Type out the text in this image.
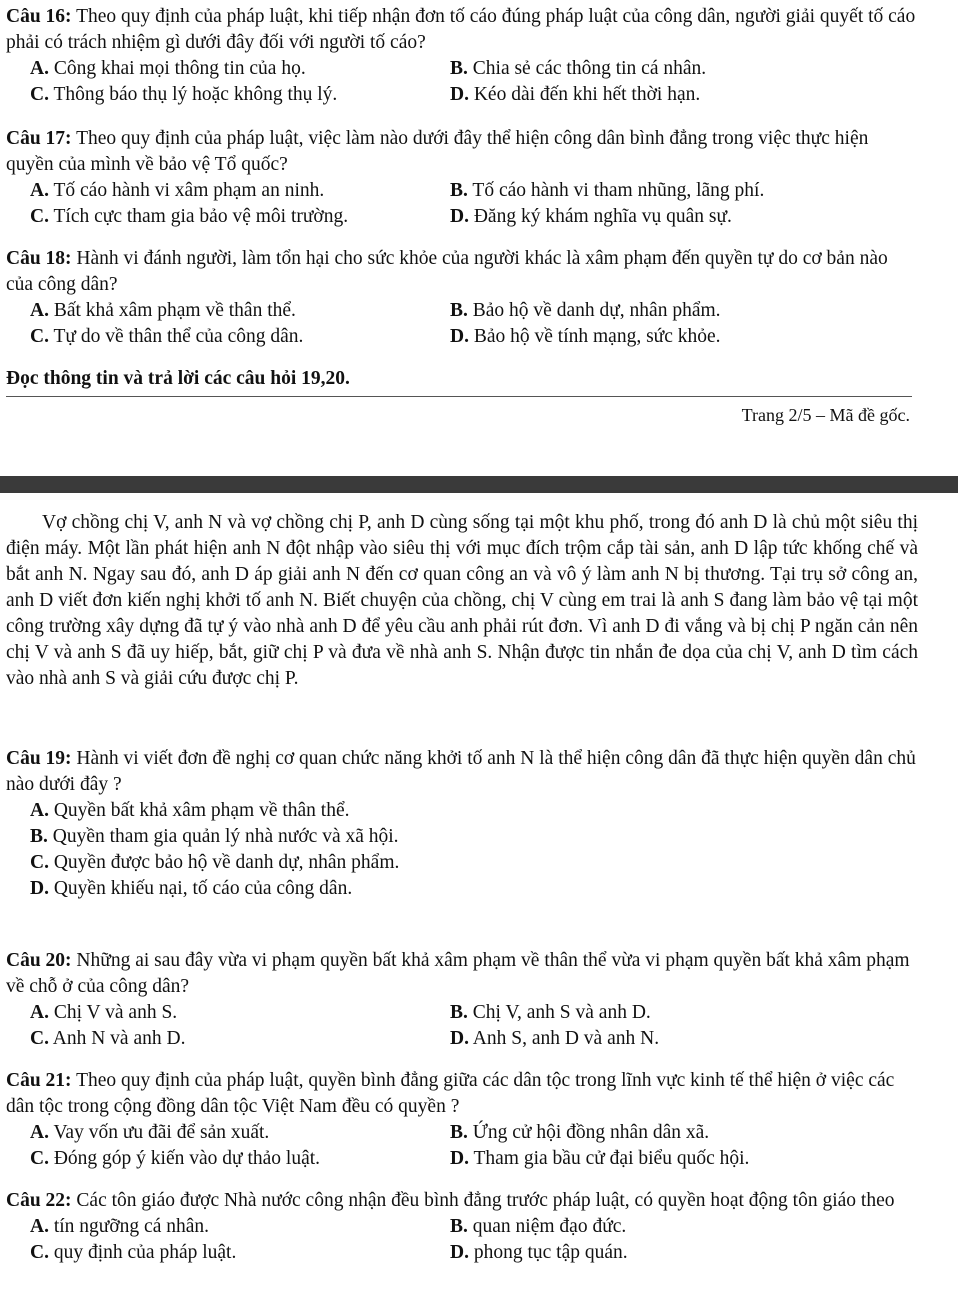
Câu 16: Theo quy định của pháp luật, khi tiếp nhận đơn tố cáo đúng pháp luật của công dân, người giải quyết tố cáo phải có trách nhiệm gì dưới đây đối với người tố cáo?

A. Công khai mọi thông tin của họ.	B. Chia sẻ các thông tin cá nhân.
C. Thông báo thụ lý hoặc không thụ lý.	D. Kéo dài đến khi hết thời hạn.

Câu 17: Theo quy định của pháp luật, việc làm nào dưới đây thể hiện công dân bình đẳng trong việc thực hiện quyền của mình về bảo vệ Tổ quốc?

A. Tố cáo hành vi xâm phạm an ninh.	B. Tố cáo hành vi tham nhũng, lãng phí.
C. Tích cực tham gia bảo vệ môi trường.	D. Đăng ký khám nghĩa vụ quân sự.

Câu 18: Hành vi đánh người, làm tổn hại cho sức khỏe của người khác là xâm phạm đến quyền tự do cơ bản nào của công dân?

A. Bất khả xâm phạm về thân thể.	B. Bảo hộ về danh dự, nhân phẩm.
C. Tự do về thân thể của công dân.	D. Bảo hộ về tính mạng, sức khỏe.
Đọc thông tin và trả lời các câu hỏi 19,20.
Trang 2/5 – Mã đề gốc.

Vợ chồng chị V, anh N và vợ chồng chị P, anh D cùng sống tại một khu phố, trong đó anh D là chủ một siêu thị điện máy. Một lần phát hiện anh N đột nhập vào siêu thị với mục đích trộm cắp tài sản, anh D lập tức khống chế và bắt anh N. Ngay sau đó, anh D áp giải anh N đến cơ quan công an và vô ý làm anh N bị thương. Tại trụ sở công an, anh D viết đơn kiến nghị khởi tố anh N. Biết chuyện của chồng, chị V cùng em trai là anh S đang làm bảo vệ tại một công trường xây dựng đã tự ý vào nhà anh D để yêu cầu anh phải rút đơn. Vì anh D đi vắng và bị chị P ngăn cản nên chị V và anh S đã uy hiếp, bắt, giữ chị P và đưa về nhà anh S. Nhận được tin nhắn đe dọa của chị V, anh D tìm cách vào nhà anh S và giải cứu được chị P.

Câu 19: Hành vi viết đơn đề nghị cơ quan chức năng khởi tố anh N là thể hiện công dân đã thực hiện quyền dân chủ nào dưới đây ?

A. Quyền bất khả xâm phạm về thân thể.
B. Quyền tham gia quản lý nhà nước và xã hội.
C. Quyền được bảo hộ về danh dự, nhân phẩm.
D. Quyền khiếu nại, tố cáo của công dân.

Câu 20: Những ai sau đây vừa vi phạm quyền bất khả xâm phạm về thân thể vừa vi phạm quyền bất khả xâm phạm về chỗ ở của công dân?

A. Chị V và anh S.	B. Chị V, anh S và anh D.
C. Anh N và anh D.	D. Anh S, anh D và anh N.

Câu 21: Theo quy định của pháp luật, quyền bình đẳng giữa các dân tộc trong lĩnh vực kinh tế thể hiện ở việc các dân tộc trong cộng đồng dân tộc Việt Nam đều có quyền ?

A. Vay vốn ưu đãi để sản xuất.	B. Ứng cử hội đồng nhân dân xã.
C. Đóng góp ý kiến vào dự thảo luật.	D. Tham gia bầu cử đại biểu quốc hội.

Câu 22: Các tôn giáo được Nhà nước công nhận đều bình đẳng trước pháp luật, có quyền hoạt động tôn giáo theo

A. tín ngưỡng cá nhân.	B. quan niệm đạo đức.
C. quy định của pháp luật.	D. phong tục tập quán.
